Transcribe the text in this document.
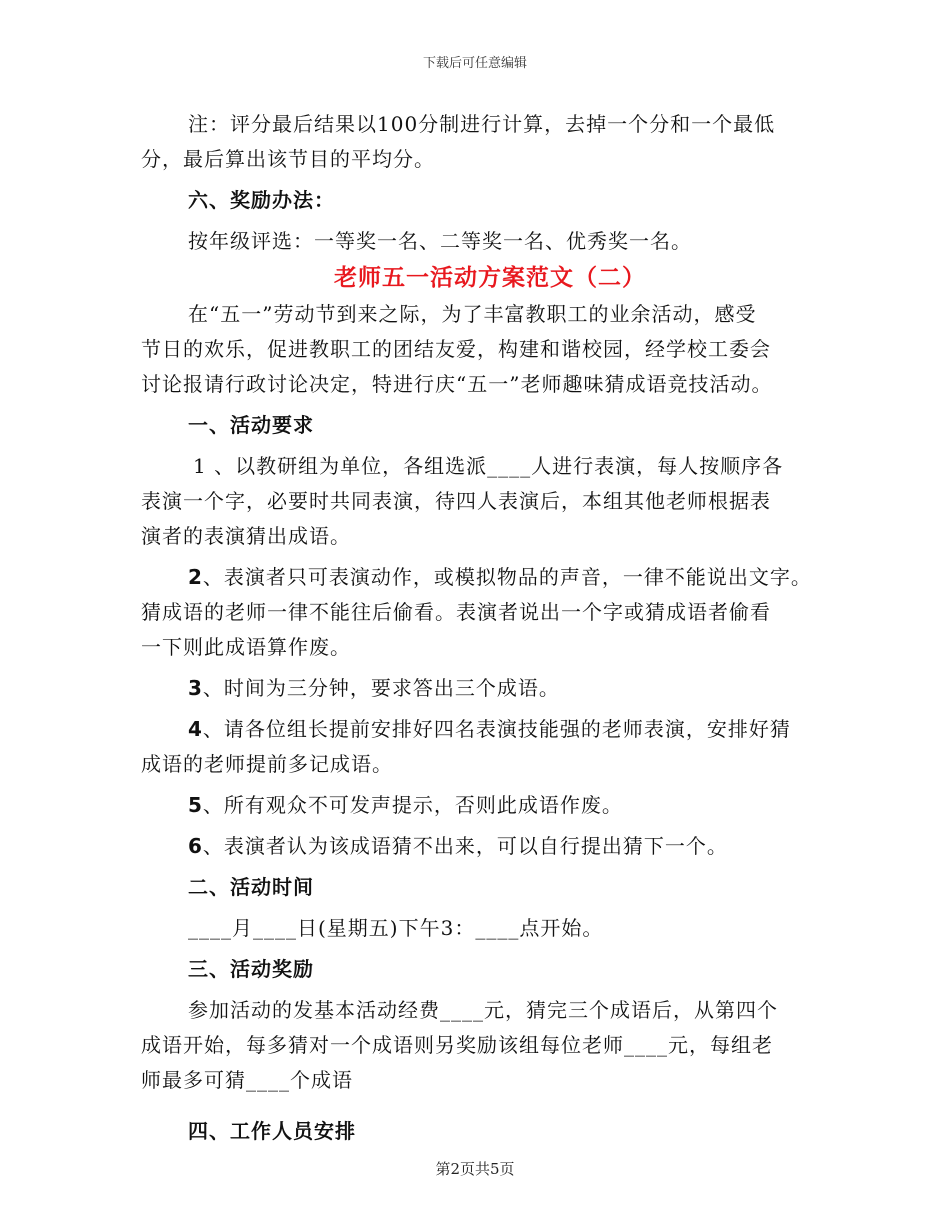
下载后可任意编辑
注：评分最后结果以100分制进行计算，去掉一个分和一个最低
分，最后算出该节目的平均分。
六、奖励办法：
按年级评选：一等奖一名、二等奖一名、优秀奖一名。
老师五一活动方案范文（二）
在“五一”劳动节到来之际，为了丰富教职工的业余活动，感受
节日的欢乐，促进教职工的团结友爱，构建和谐校园，经学校工委会
讨论报请行政讨论决定，特进行庆“五一”老师趣味猜成语竞技活动。
一、活动要求
1 、以教研组为单位，各组选派____人进行表演，每人按顺序各
表演一个字，必要时共同表演，待四人表演后，本组其他老师根据表
演者的表演猜出成语。
2、表演者只可表演动作，或模拟物品的声音，一律不能说出文字。
猜成语的老师一律不能往后偷看。表演者说出一个字或猜成语者偷看
一下则此成语算作废。
3、时间为三分钟，要求答出三个成语。
4、请各位组长提前安排好四名表演技能强的老师表演，安排好猜
成语的老师提前多记成语。
5、所有观众不可发声提示，否则此成语作废。
6、表演者认为该成语猜不出来，可以自行提出猜下一个。
二、活动时间
____月____日(星期五)下午3：____点开始。
三、活动奖励
参加活动的发基本活动经费____元，猜完三个成语后，从第四个
成语开始，每多猜对一个成语则另奖励该组每位老师____元，每组老
师最多可猜____个成语
四、工作人员安排
第2页共5页
